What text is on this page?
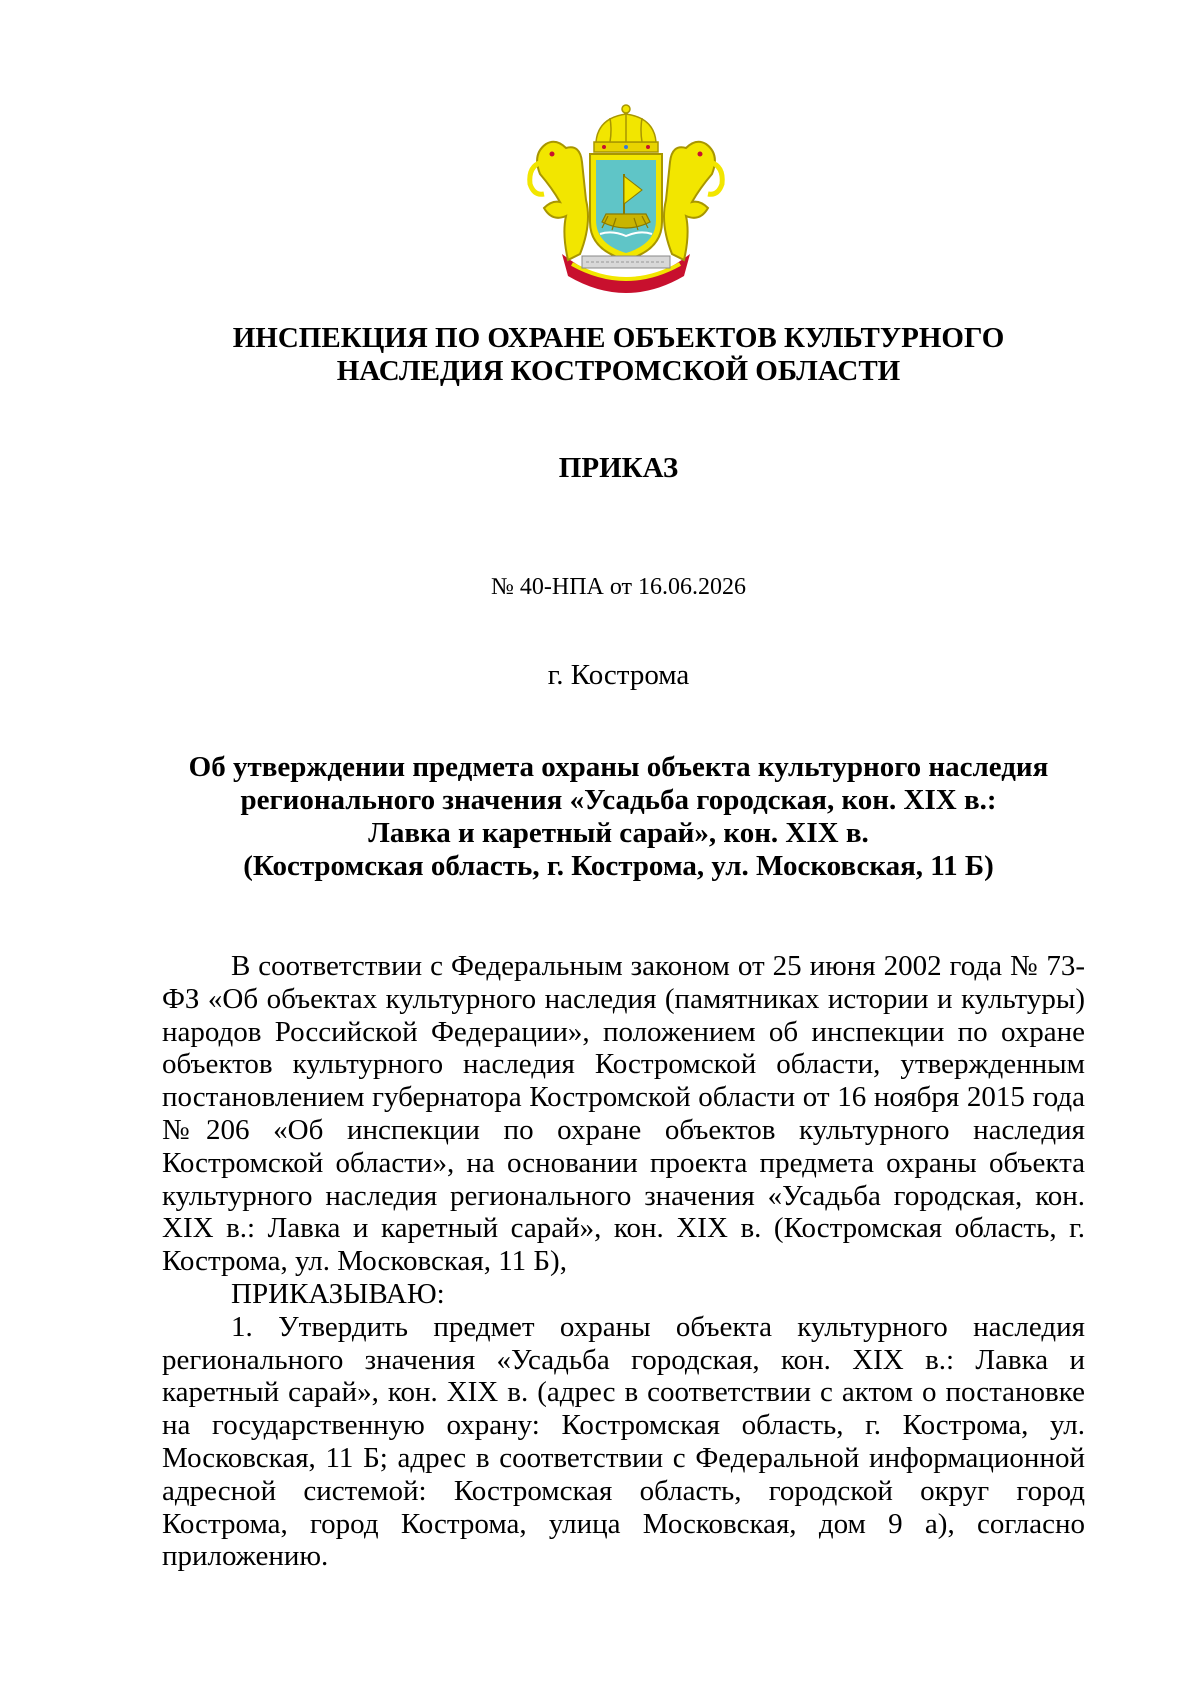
ИНСПЕКЦИЯ ПО ОХРАНЕ ОБЪЕКТОВ КУЛЬТУРНОГО
НАСЛЕДИЯ КОСТРОМСКОЙ ОБЛАСТИ
ПРИКАЗ
№ 40-НПА от 16.06.2026
г. Кострома
Об утверждении предмета охраны объекта культурного наследия
регионального значения «Усадьба городская, кон. XIX в.:
Лавка и каретный сарай», кон. XIX в.
(Костромская область, г. Кострома, ул. Московская, 11 Б)

В соответствии с Федеральным законом от 25 июня 2002 года № 73-ФЗ «Об объектах культурного наследия (памятниках истории и культуры) народов Российской Федерации», положением об инспекции по охране объектов культурного наследия Костромской области, утвержденным постановлением губернатора Костромской области от 16 ноября 2015 года №206 «Об инспекции по охране объектов культурного наследия Костромской области», на основании проекта предмета охраны объекта культурного наследия регионального значения «Усадьба городская, кон. XIX в.: Лавка и каретный сарай», кон. XIX в. (Костромская область, г. Кострома, ул. Московская, 11 Б),

ПРИКАЗЫВАЮ:

1. Утвердить предмет охраны объекта культурного наследия регионального значения «Усадьба городская, кон. XIX в.: Лавка и каретный сарай», кон. XIX в. (адрес в соответствии с актом о постановке на государственную охрану: Костромская область, г. Кострома, ул. Московская, 11 Б; адрес в соответствии с Федеральной информационной адресной системой: Костромская область, городской округ город Кострома, город Кострома, улица Московская, дом 9 а), согласно приложению.
